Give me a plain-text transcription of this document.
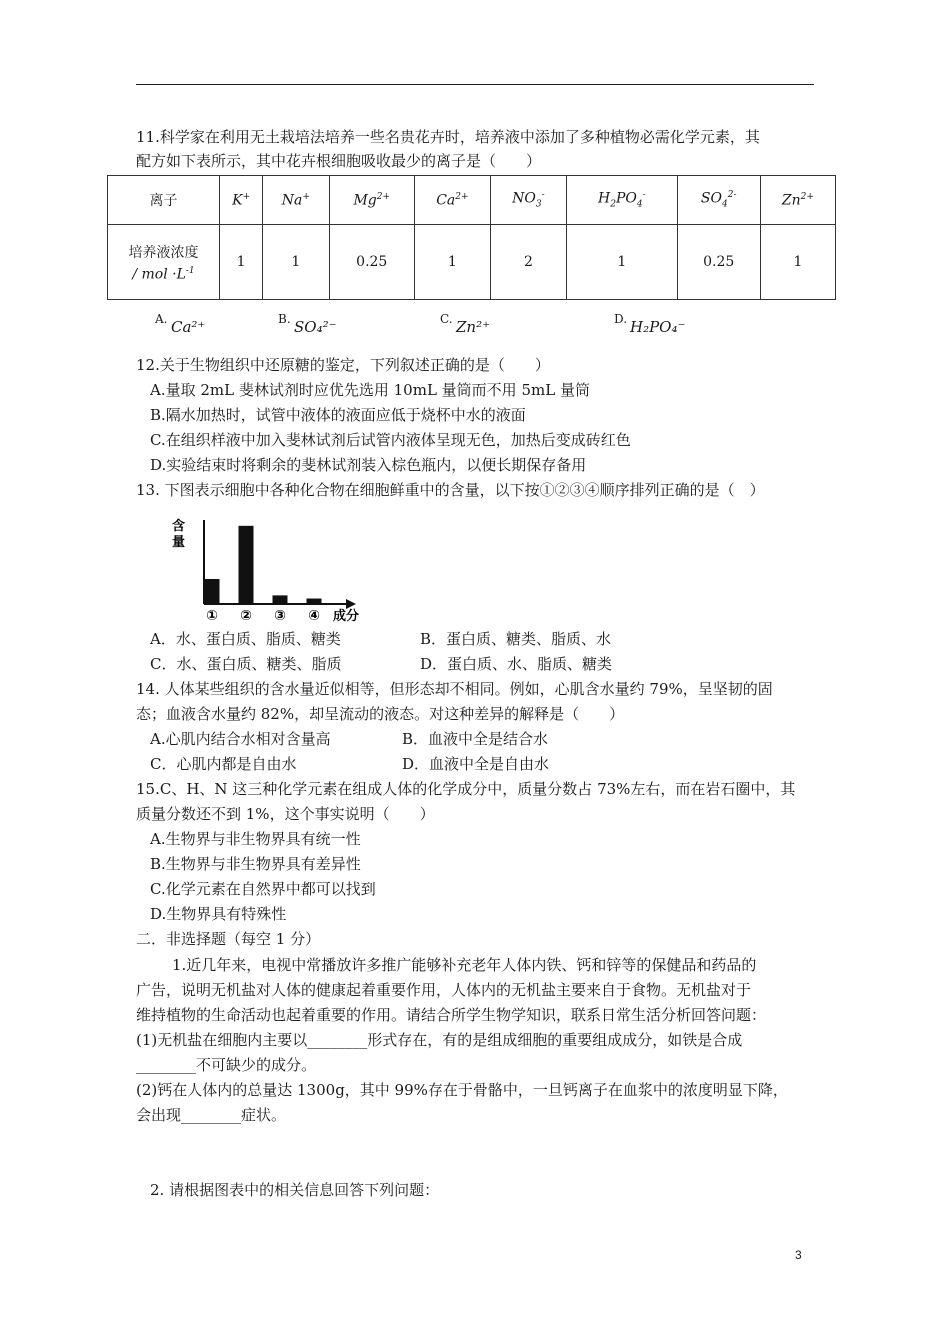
11.科学家在利用无土栽培法培养一些名贵花卉时，培养液中添加了多种植物必需化学元素，其
配方如下表所示，其中花卉根细胞吸收最少的离子是（　　）
离子	K+	Na+	$Mg^{2+}$	$Ca^{2+}$	$NO_3^-$	$H_2PO_4^-$	$SO_4^{2-}$	$Zn^{2+}$

培养液浓度
/ mol $\cdot L^{-1}$	1	1	0.25	1	2	1	0.25	1
A. Ca²⁺	B. SO₄²⁻	C. Zn²⁺	D. H₂PO₄⁻
12.关于生物组织中还原糖的鉴定，下列叙述正确的是（　　）
A.量取 2mL 斐林试剂时应优先选用 10mL 量筒而不用 5mL 量筒
B.隔水加热时，试管中液体的液面应低于烧杯中水的液面
C.在组织样液中加入斐林试剂后试管内液体呈现无色，加热后变成砖红色
D.实验结束时将剩余的斐林试剂装入棕色瓶内，以便长期保存备用
13. 下图表示细胞中各种化合物在细胞鲜重中的含量，以下按①②③④顺序排列正确的是（　）
含
量
① ② ③ ④ 成分
A．水、蛋白质、脂质、糖类	B．蛋白质、糖类、脂质、水
C．水、蛋白质、糖类、脂质	D．蛋白质、水、脂质、糖类
14. 人体某些组织的含水量近似相等，但形态却不相同。例如，心肌含水量约 79%，呈坚韧的固
态；血液含水量约 82%，却呈流动的液态。对这种差异的解释是（　　）
A.心肌内结合水相对含量高	B．血液中全是结合水
C．心肌内都是自由水	D．血液中全是自由水
15.C、H、N 这三种化学元素在组成人体的化学成分中，质量分数占 73%左右，而在岩石圈中，其
质量分数还不到 1%，这个事实说明（　　）
A.生物界与非生物界具有统一性
B.生物界与非生物界具有差异性
C.化学元素在自然界中都可以找到
D.生物界具有特殊性
二．非选择题（每空 1 分）
1.近几年来，电视中常播放许多推广能够补充老年人体内铁、钙和锌等的保健品和药品的
广告，说明无机盐对人体的健康起着重要作用，人体内的无机盐主要来自于食物。无机盐对于
维持植物的生命活动也起着重要的作用。请结合所学生物学知识，联系日常生活分析回答问题：
(1)无机盐在细胞内主要以________形式存在，有的是组成细胞的重要组成成分，如铁是合成
________不可缺少的成分。
(2)钙在人体内的总量达 1300g，其中 99%存在于骨骼中，一旦钙离子在血浆中的浓度明显下降，
会出现________症状。
2. 请根据图表中的相关信息回答下列问题：
3
